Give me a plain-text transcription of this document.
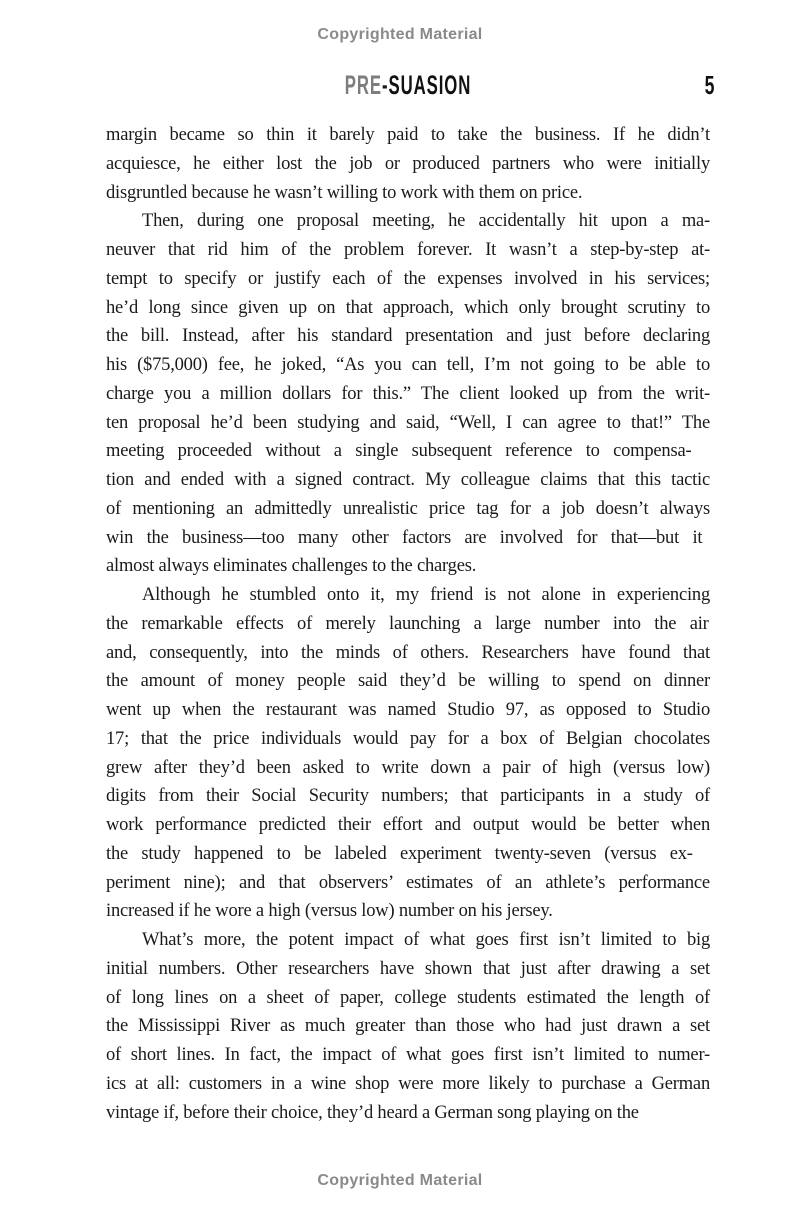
Copyrighted Material
PRE-SUASION	5

margin became so thin it barely paid to take the business. If he didn’t
acquiesce, he either lost the job or produced partners who were initially
disgruntled because he wasn’t willing to work with them on price.

Then, during one proposal meeting, he accidentally hit upon a ma-
neuver that rid him of the problem forever. It wasn’t a step-by-step at-
tempt to specify or justify each of the expenses involved in his services;
he’d long since given up on that approach, which only brought scrutiny to
the bill. Instead, after his standard presentation and just before declaring
his ($75,000) fee, he joked, “As you can tell, I’m not going to be able to
charge you a million dollars for this.” The client looked up from the writ-
ten proposal he’d been studying and said, “Well, I can agree to that!” The
meeting proceeded without a single subsequent reference to compensa-
tion and ended with a signed contract. My colleague claims that this tactic
of mentioning an admittedly unrealistic price tag for a job doesn’t always
win the business—too many other factors are involved for that—but it
almost always eliminates challenges to the charges.

Although he stumbled onto it, my friend is not alone in experiencing
the remarkable effects of merely launching a large number into the air
and, consequently, into the minds of others. Researchers have found that
the amount of money people said they’d be willing to spend on dinner
went up when the restaurant was named Studio 97, as opposed to Studio
17; that the price individuals would pay for a box of Belgian chocolates
grew after they’d been asked to write down a pair of high (versus low)
digits from their Social Security numbers; that participants in a study of
work performance predicted their effort and output would be better when
the study happened to be labeled experiment twenty-seven (versus ex-
periment nine); and that observers’ estimates of an athlete’s performance
increased if he wore a high (versus low) number on his jersey.

What’s more, the potent impact of what goes first isn’t limited to big
initial numbers. Other researchers have shown that just after drawing a set
of long lines on a sheet of paper, college students estimated the length of
the Mississippi River as much greater than those who had just drawn a set
of short lines. In fact, the impact of what goes first isn’t limited to numer-
ics at all: customers in a wine shop were more likely to purchase a German
vintage if, before their choice, they’d heard a German song playing on the

Copyrighted Material
